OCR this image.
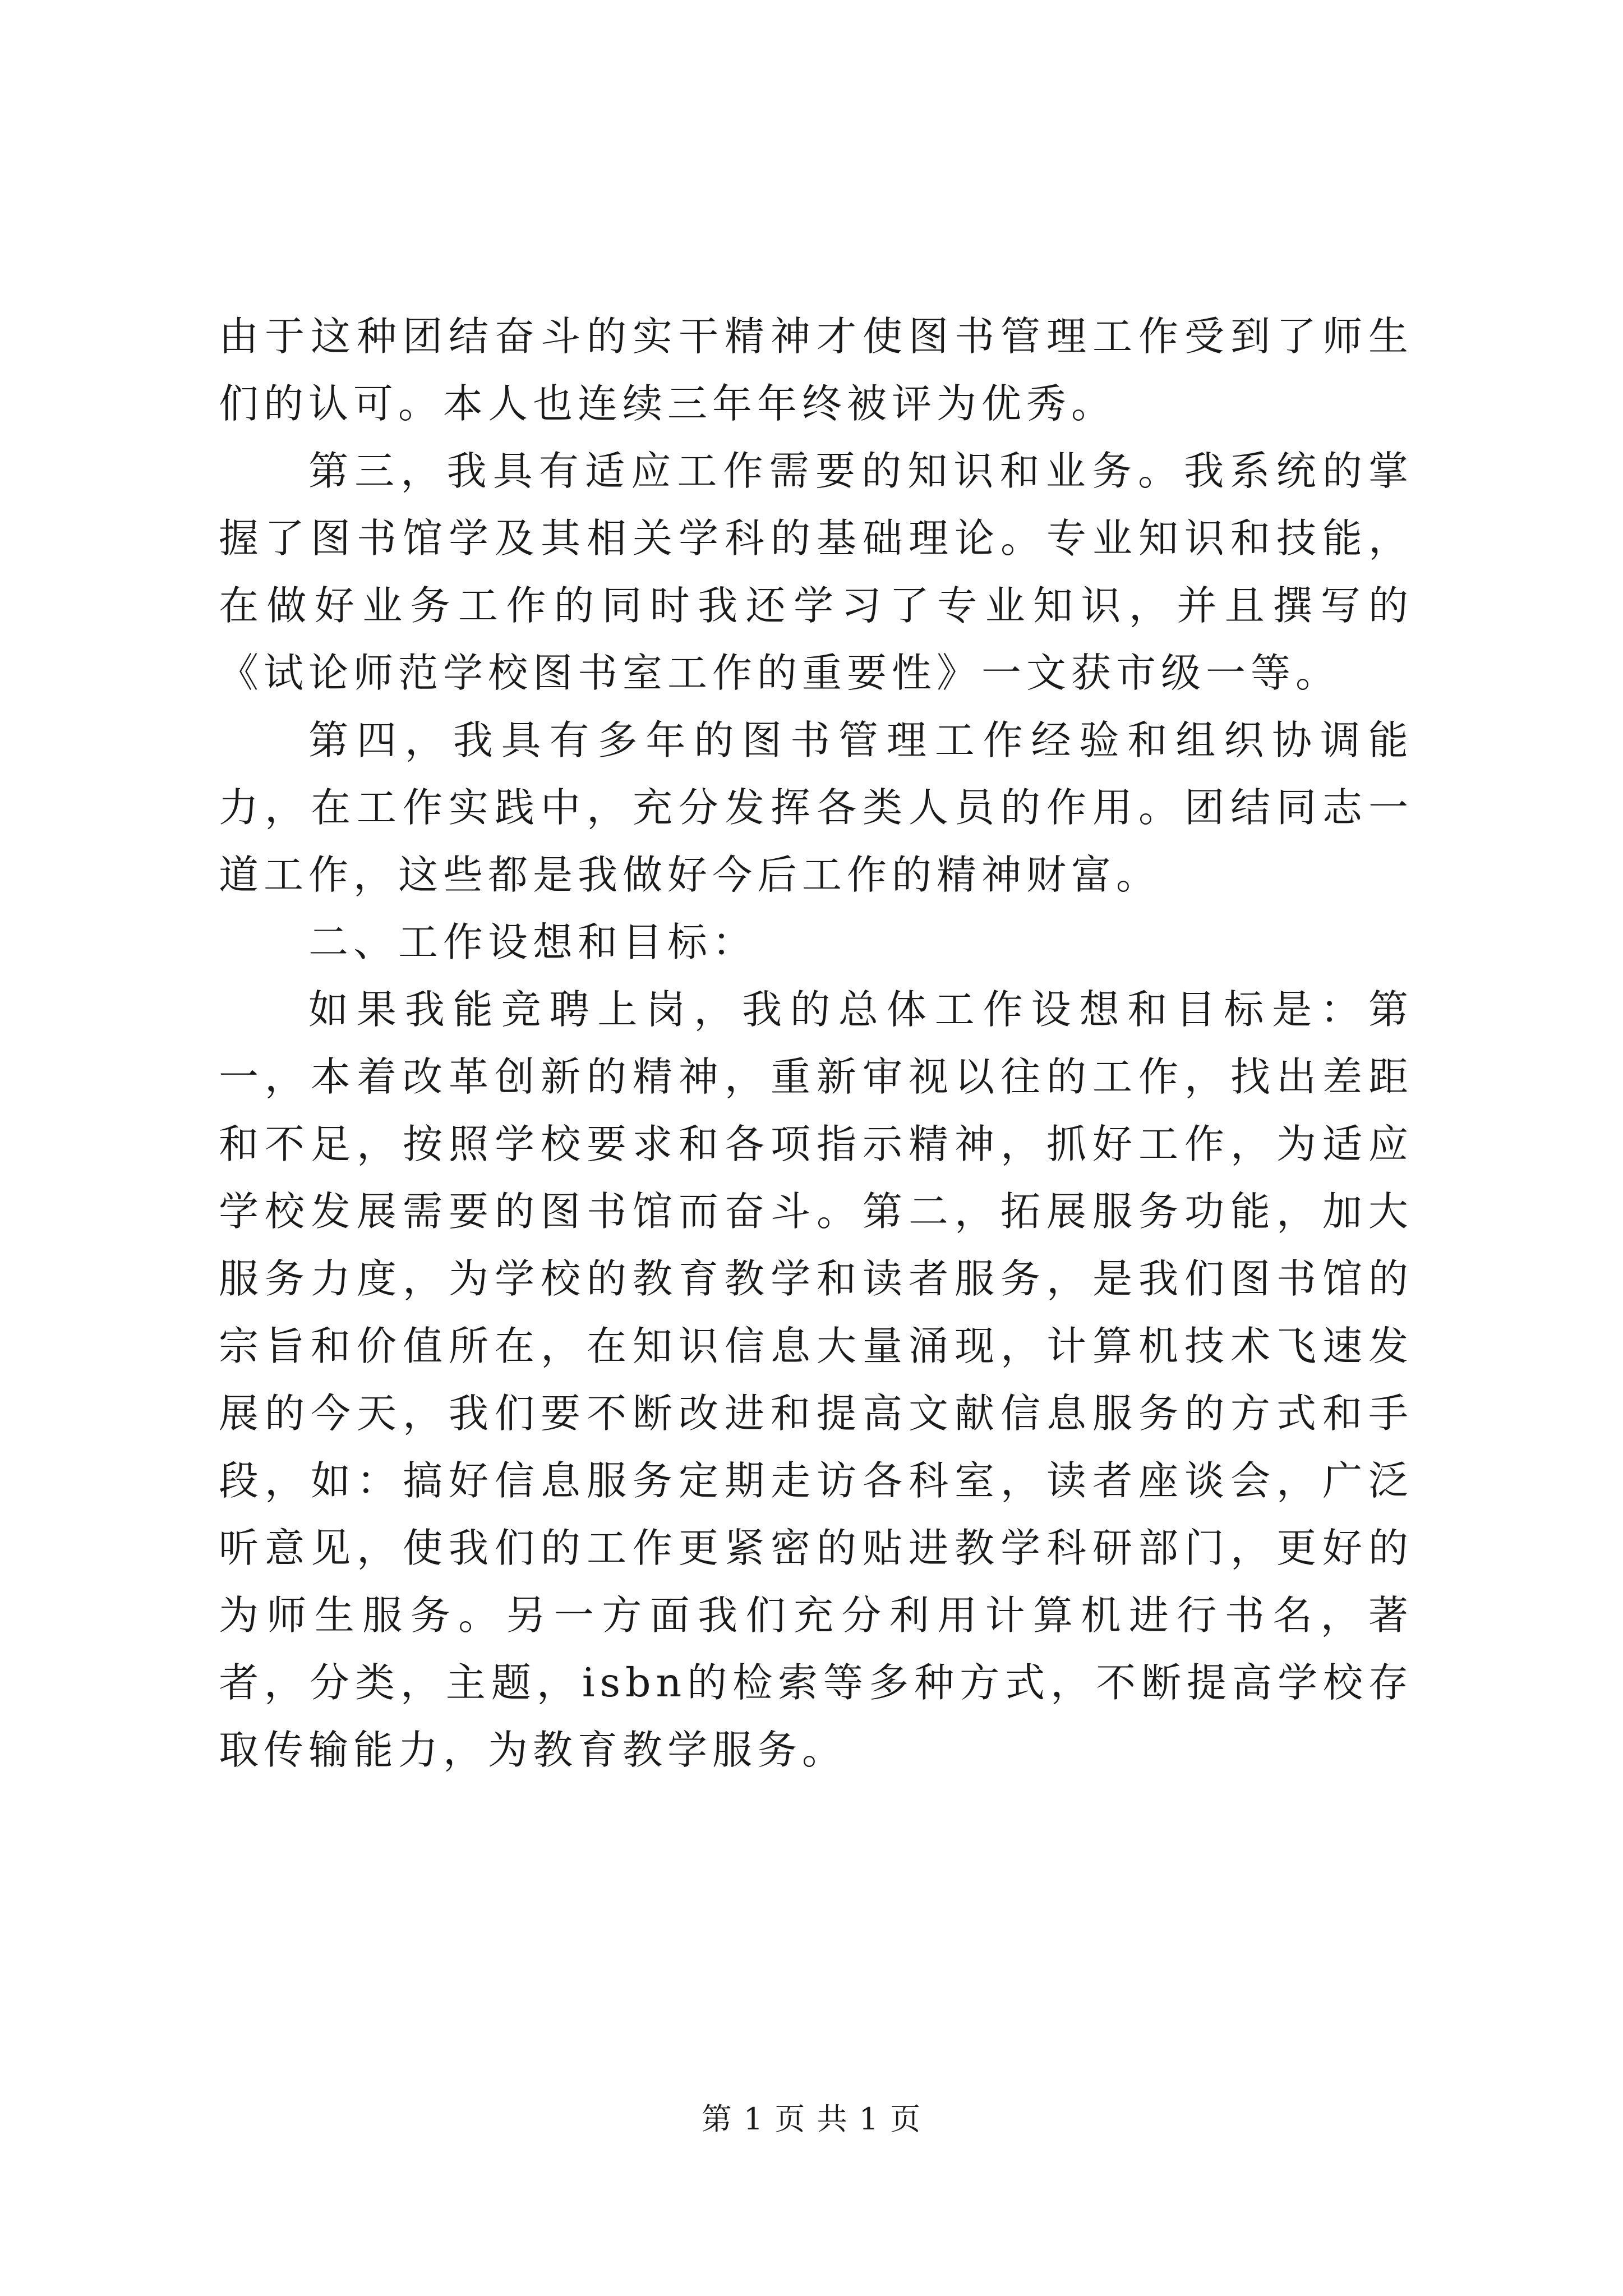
由于这种团结奋斗的实干精神才使图书管理工作受到了师生们的认可。本人也连续三年年终被评为优秀。

第三，我具有适应工作需要的知识和业务。我系统的掌握了图书馆学及其相关学科的基础理论。专业知识和技能，在做好业务工作的同时我还学习了专业知识，并且撰写的《试论师范学校图书室工作的重要性》一文获市级一等。

第四，我具有多年的图书管理工作经验和组织协调能力，在工作实践中，充分发挥各类人员的作用。团结同志一道工作，这些都是我做好今后工作的精神财富。

二、工作设想和目标：

如果我能竞聘上岗，我的总体工作设想和目标是：第一，本着改革创新的精神，重新审视以往的工作，找出差距和不足，按照学校要求和各项指示精神，抓好工作，为适应学校发展需要的图书馆而奋斗。第二，拓展服务功能，加大服务力度，为学校的教育教学和读者服务，是我们图书馆的宗旨和价值所在，在知识信息大量涌现，计算机技术飞速发展的今天，我们要不断改进和提高文献信息服务的方式和手段，如：搞好信息服务定期走访各科室，读者座谈会，广泛听意见，使我们的工作更紧密的贴进教学科研部门，更好的为师生服务。另一方面我们充分利用计算机进行书名，著者，分类，主题，isbn的检索等多种方式，不断提高学校存取传输能力，为教育教学服务。

第 1 页 共 1 页
